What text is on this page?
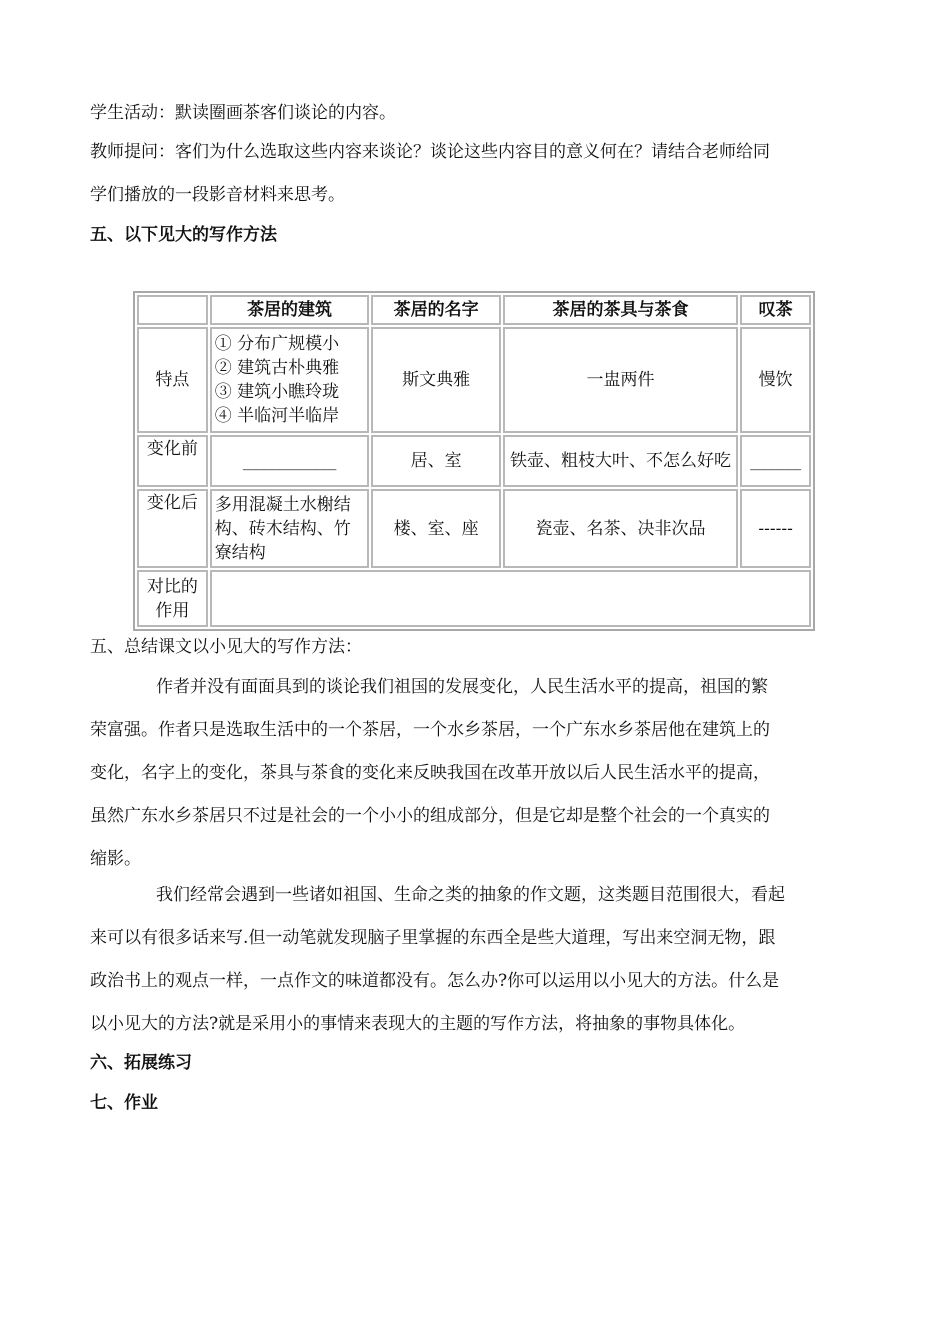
学生活动：默读圈画茶客们谈论的内容。
教师提问：客们为什么选取这些内容来谈论？谈论这些内容目的意义何在？请结合老师给同
学们播放的一段影音材料来思考。
五、以下见大的写作方法
	茶居的建筑	茶居的名字	茶居的茶具与茶食	叹茶
特点	① 分布广规模小
② 建筑古朴典雅
③ 建筑小瞧玲珑
④ 半临河半临岸	斯文典雅	一盅两件	慢饮
变化前	___________	居、室	铁壶、粗枝大叶、不怎么好吃	______
变化后	多用混凝土水榭结构、砖木结构、竹寮结构	楼、室、座	瓷壶、名茶、决非次品	------
对比的作用				
五、总结课文以小见大的写作方法：
作者并没有面面具到的谈论我们祖国的发展变化，人民生活水平的提高，祖国的繁
荣富强。作者只是选取生活中的一个茶居，一个水乡茶居，一个广东水乡茶居他在建筑上的
变化，名字上的变化，茶具与茶食的变化来反映我国在改革开放以后人民生活水平的提高，
虽然广东水乡茶居只不过是社会的一个小小的组成部分，但是它却是整个社会的一个真实的
缩影。
我们经常会遇到一些诸如祖国、生命之类的抽象的作文题，这类题目范围很大，看起
来可以有很多话来写.但一动笔就发现脑子里掌握的东西全是些大道理，写出来空洞无物，跟
政治书上的观点一样，一点作文的味道都没有。怎么办?你可以运用以小见大的方法。什么是
以小见大的方法?就是采用小的事情来表现大的主题的写作方法，将抽象的事物具体化。
六、拓展练习
七、作业
